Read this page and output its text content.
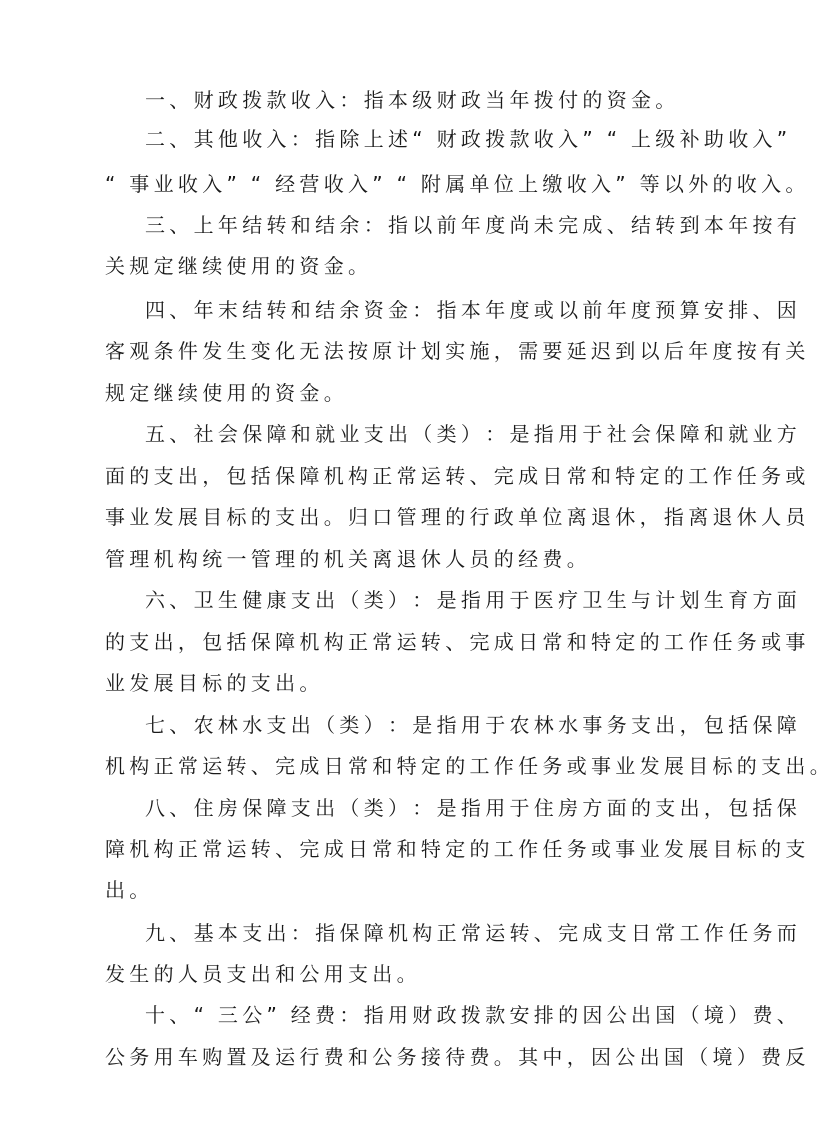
一 、 财 政 拨 款 收 入 ： 指 本 级 财 政 当 年 拨 付 的 资 金 。
二 、 其 他 收 入 ： 指 除 上 述 “ 财 政 拨 款 收 入 ” “ 上 级 补 助 收 入 ”
“ 事 业 收 入 ” “ 经 营 收 入 ” “ 附 属 单 位 上 缴 收 入 ” 等 以 外 的 收 入 。
三 、 上 年 结 转 和 结 余 ： 指 以 前 年 度 尚 未 完 成 、 结 转 到 本 年 按 有
关 规 定 继 续 使 用 的 资 金 。
四 、 年 末 结 转 和 结 余 资 金 ： 指 本 年 度 或 以 前 年 度 预 算 安 排 、 因
客 观 条 件 发 生 变 化 无 法 按 原 计 划 实 施 ， 需 要 延 迟 到 以 后 年 度 按 有 关
规 定 继 续 使 用 的 资 金 。
五 、 社 会 保 障 和 就 业 支 出 （ 类 ） ： 是 指 用 于 社 会 保 障 和 就 业 方
面 的 支 出 ， 包 括 保 障 机 构 正 常 运 转 、 完 成 日 常 和 特 定 的 工 作 任 务 或
事 业 发 展 目 标 的 支 出 。 归 口 管 理 的 行 政 单 位 离 退 休 ， 指 离 退 休 人 员
管 理 机 构 统 一 管 理 的 机 关 离 退 休 人 员 的 经 费 。
六 、 卫 生 健 康 支 出 （ 类 ） ： 是 指 用 于 医 疗 卫 生 与 计 划 生 育 方 面
的 支 出 ， 包 括 保 障 机 构 正 常 运 转 、 完 成 日 常 和 特 定 的 工 作 任 务 或 事
业 发 展 目 标 的 支 出 。
七 、 农 林 水 支 出 （ 类 ） ： 是 指 用 于 农 林 水 事 务 支 出 ， 包 括 保 障
机 构 正 常 运 转 、 完 成 日 常 和 特 定 的 工 作 任 务 或 事 业 发 展 目 标 的 支 出 。
八 、 住 房 保 障 支 出 （ 类 ） ： 是 指 用 于 住 房 方 面 的 支 出 ， 包 括 保
障 机 构 正 常 运 转 、 完 成 日 常 和 特 定 的 工 作 任 务 或 事 业 发 展 目 标 的 支
出 。
九 、 基 本 支 出 ： 指 保 障 机 构 正 常 运 转 、 完 成 支 日 常 工 作 任 务 而
发 生 的 人 员 支 出 和 公 用 支 出 。
十 、 “ 三 公 ” 经 费 ： 指 用 财 政 拨 款 安 排 的 因 公 出 国 （ 境 ） 费 、
公 务 用 车 购 置 及 运 行 费 和 公 务 接 待 费 。 其 中 ， 因 公 出 国 （ 境 ） 费 反
